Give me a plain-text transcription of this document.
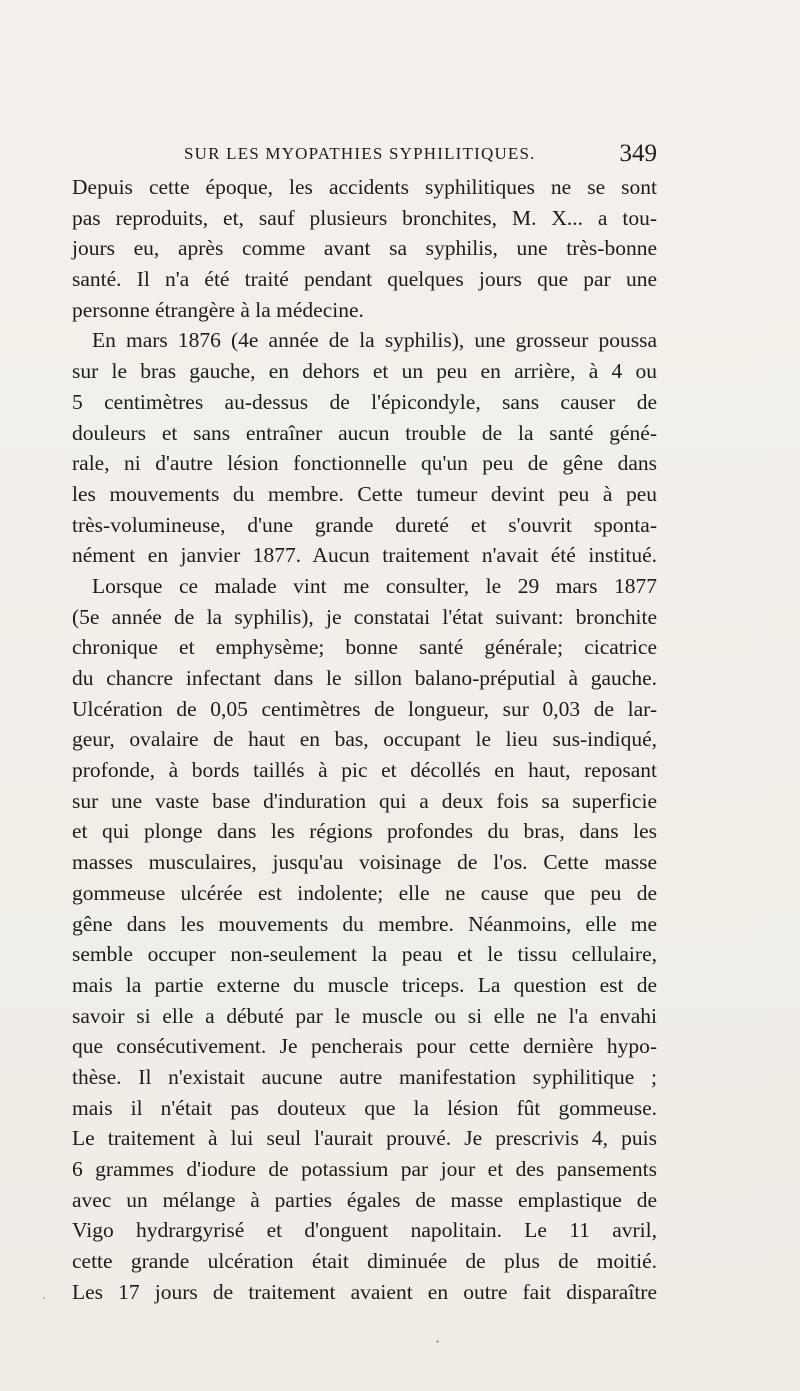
SUR LES MYOPATHIES SYPHILITIQUES.	349
Depuis cette époque, les accidents syphilitiques ne se sont
pas reproduits, et, sauf plusieurs bronchites, M. X... a tou-
jours eu, après comme avant sa syphilis, une très-bonne
santé. Il n'a été traité pendant quelques jours que par une
personne étrangère à la médecine.
En mars 1876 (4e année de la syphilis), une grosseur poussa
sur le bras gauche, en dehors et un peu en arrière, à 4 ou
5 centimètres au-dessus de l'épicondyle, sans causer de
douleurs et sans entraîner aucun trouble de la santé géné-
rale, ni d'autre lésion fonctionnelle qu'un peu de gêne dans
les mouvements du membre. Cette tumeur devint peu à peu
très-volumineuse, d'une grande dureté et s'ouvrit sponta-
nément en janvier 1877. Aucun traitement n'avait été institué.
Lorsque ce malade vint me consulter, le 29 mars 1877
(5e année de la syphilis), je constatai l'état suivant: bronchite
chronique et emphysème; bonne santé générale; cicatrice
du chancre infectant dans le sillon balano-préputial à gauche.
Ulcération de 0,05 centimètres de longueur, sur 0,03 de lar-
geur, ovalaire de haut en bas, occupant le lieu sus-indiqué,
profonde, à bords taillés à pic et décollés en haut, reposant
sur une vaste base d'induration qui a deux fois sa superficie
et qui plonge dans les régions profondes du bras, dans les
masses musculaires, jusqu'au voisinage de l'os. Cette masse
gommeuse ulcérée est indolente; elle ne cause que peu de
gêne dans les mouvements du membre. Néanmoins, elle me
semble occuper non-seulement la peau et le tissu cellulaire,
mais la partie externe du muscle triceps. La question est de
savoir si elle a débuté par le muscle ou si elle ne l'a envahi
que consécutivement. Je pencherais pour cette dernière hypo-
thèse. Il n'existait aucune autre manifestation syphilitique ;
mais il n'était pas douteux que la lésion fût gommeuse.
Le traitement à lui seul l'aurait prouvé. Je prescrivis 4, puis
6 grammes d'iodure de potassium par jour et des pansements
avec un mélange à parties égales de masse emplastique de
Vigo hydrargyrisé et d'onguent napolitain. Le 11 avril,
cette grande ulcération était diminuée de plus de moitié.
Les 17 jours de traitement avaient en outre fait disparaître
